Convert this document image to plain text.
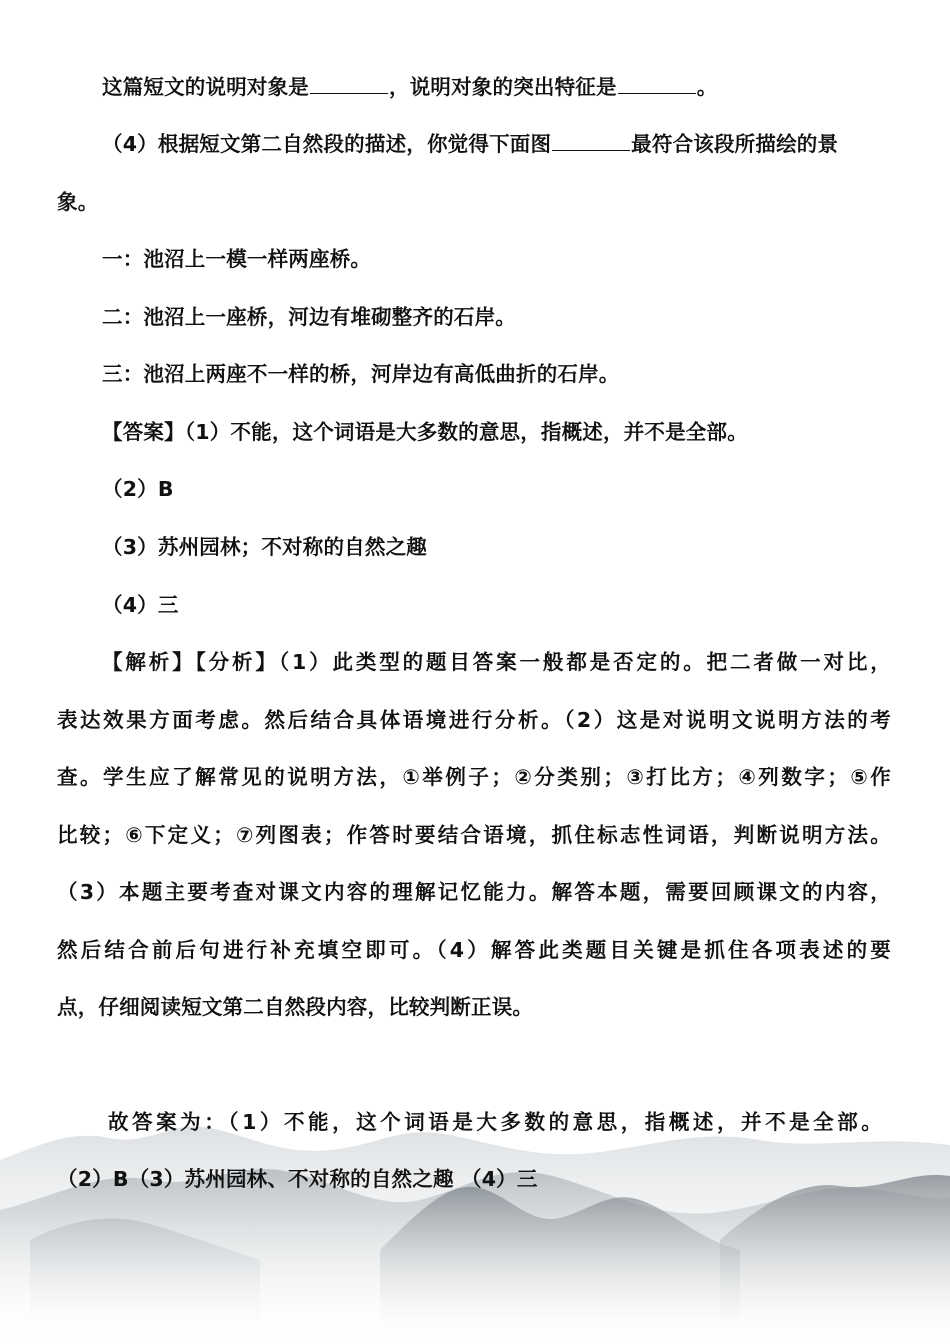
这篇短文的说明对象是	，说明对象的突出特征是	。
（4）根据短文第二自然段的描述，你觉得下面图	最符合该段所描绘的景
象。
一：池沼上一模一样两座桥。
二：池沼上一座桥，河边有堆砌整齐的石岸。
三：池沼上两座不一样的桥，河岸边有高低曲折的石岸。
【答案】（1）不能，这个词语是大多数的意思，指概述，并不是全部。
（2）B
（3）苏州园林；不对称的自然之趣
（4）三
【解析】【分析】（1）此类型的题目答案一般都是否定的。把二者做一对比，
表达效果方面考虑。然后结合具体语境进行分析。（2）这是对说明文说明方法的考
查。学生应了解常见的说明方法，①举例子；②分类别；③打比方；④列数字；⑤作
比较；⑥下定义；⑦列图表；作答时要结合语境，抓住标志性词语，判断说明方法。
（3）本题主要考查对课文内容的理解记忆能力。解答本题，需要回顾课文的内容，
然后结合前后句进行补充填空即可。（4）解答此类题目关键是抓住各项表述的要
点，仔细阅读短文第二自然段内容，比较判断正误。
故答案为：（1）不能，这个词语是大多数的意思，指概述，并不是全部。
（2）B（3）苏州园林、不对称的自然之趣 （4）三
